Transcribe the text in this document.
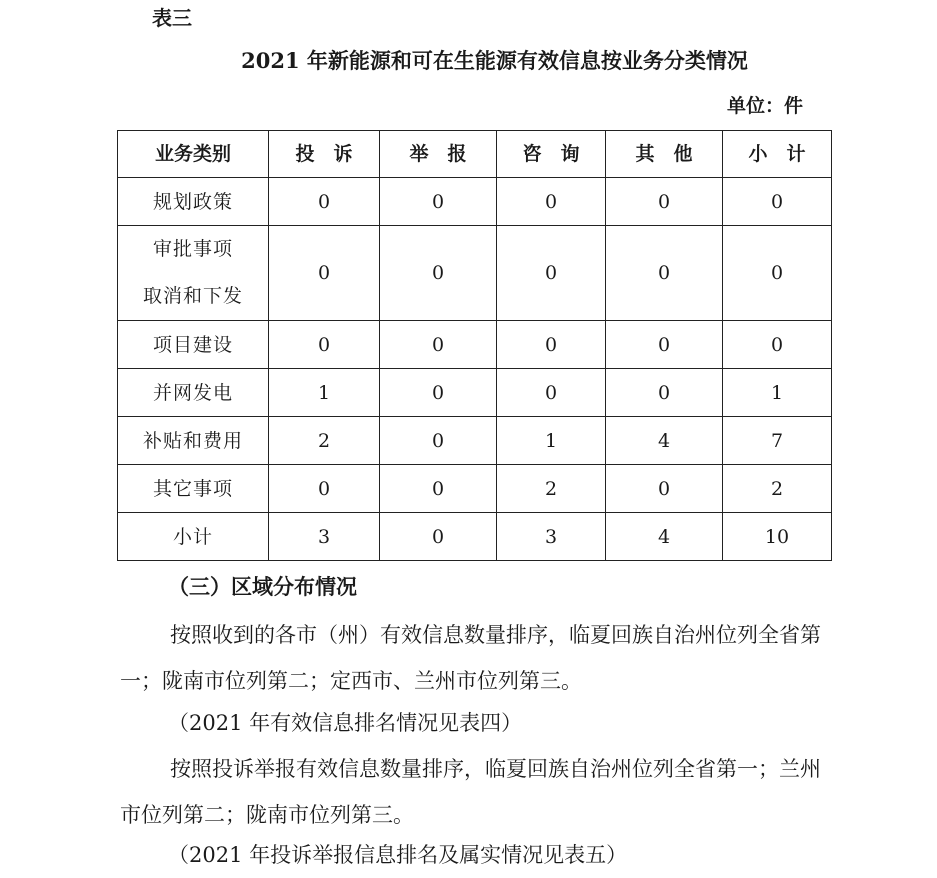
表三
2021 年新能源和可在生能源有效信息按业务分类情况
单位：件
业务类别	投　诉	举　报	咨　询	其　他	小　计
规划政策	0	0	0	0	0

审批事项
取消和下发	0	0	0	0	0
项目建设	0	0	0	0	0
并网发电	1	0	0	0	1
补贴和费用	2	0	1	4	7
其它事项	0	0	2	0	2
小计	3	0	3	4	10
（三）区域分布情况
按照收到的各市（州）有效信息数量排序，临夏回族自治州位列全省第一；陇南市位列第二；定西市、兰州市位列第三。
（2021 年有效信息排名情况见表四）
按照投诉举报有效信息数量排序，临夏回族自治州位列全省第一；兰州市位列第二；陇南市位列第三。
（2021 年投诉举报信息排名及属实情况见表五）
